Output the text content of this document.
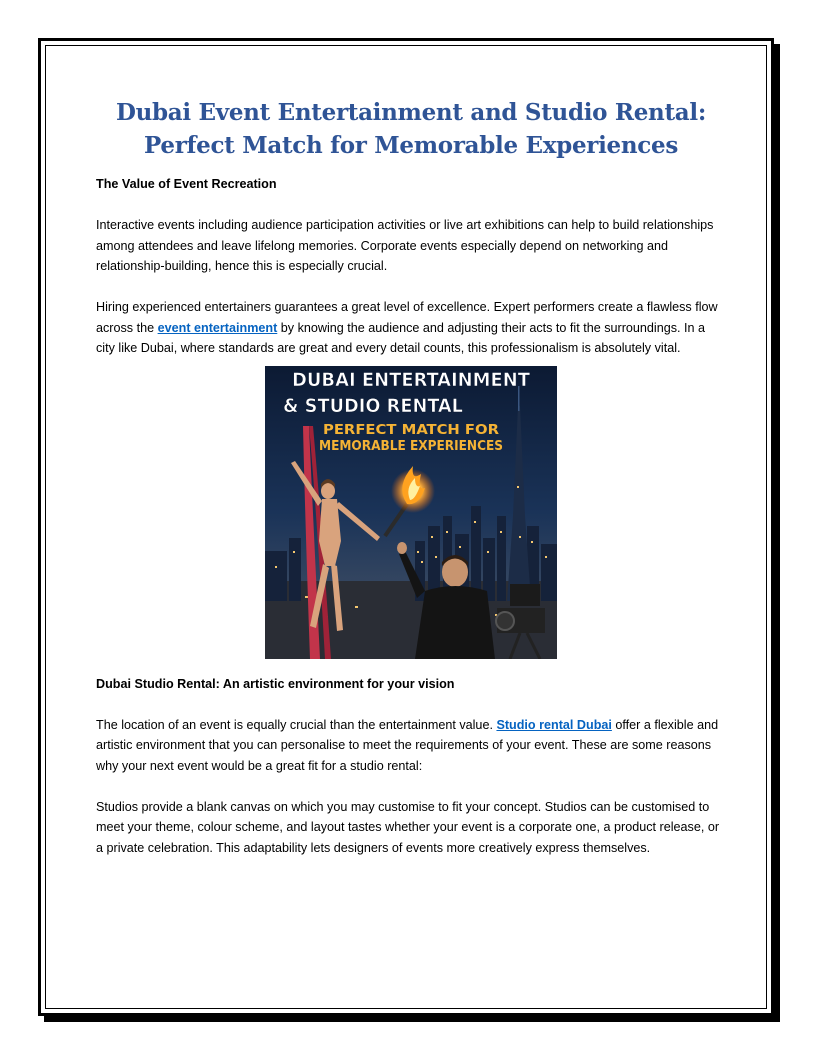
Dubai Event Entertainment and Studio Rental:
Perfect Match for Memorable Experiences

The Value of Event Recreation

Interactive events including audience participation activities or live art exhibitions can help to build relationships among attendees and leave lifelong memories. Corporate events especially depend on networking and relationship-building, hence this is especially crucial.

Hiring experienced entertainers guarantees a great level of excellence. Expert performers create a flawless flow across the event entertainment by knowing the audience and adjusting their acts to fit the surroundings. In a city like Dubai, where standards are great and every detail counts, this professionalism is absolutely vital.

DUBAI ENTERTAINMENT
& STUDIO RENTAL
PERFECT MATCH FOR
MEMORABLE EXPERIENCES

Dubai Studio Rental: An artistic environment for your vision

The location of an event is equally crucial than the entertainment value. Studio rental Dubai offer a flexible and artistic environment that you can personalise to meet the requirements of your event. These are some reasons why your next event would be a great fit for a studio rental:

Studios provide a blank canvas on which you may customise to fit your concept. Studios can be customised to meet your theme, colour scheme, and layout tastes whether your event is a corporate one, a product release, or a private celebration. This adaptability lets designers of events more creatively express themselves.
